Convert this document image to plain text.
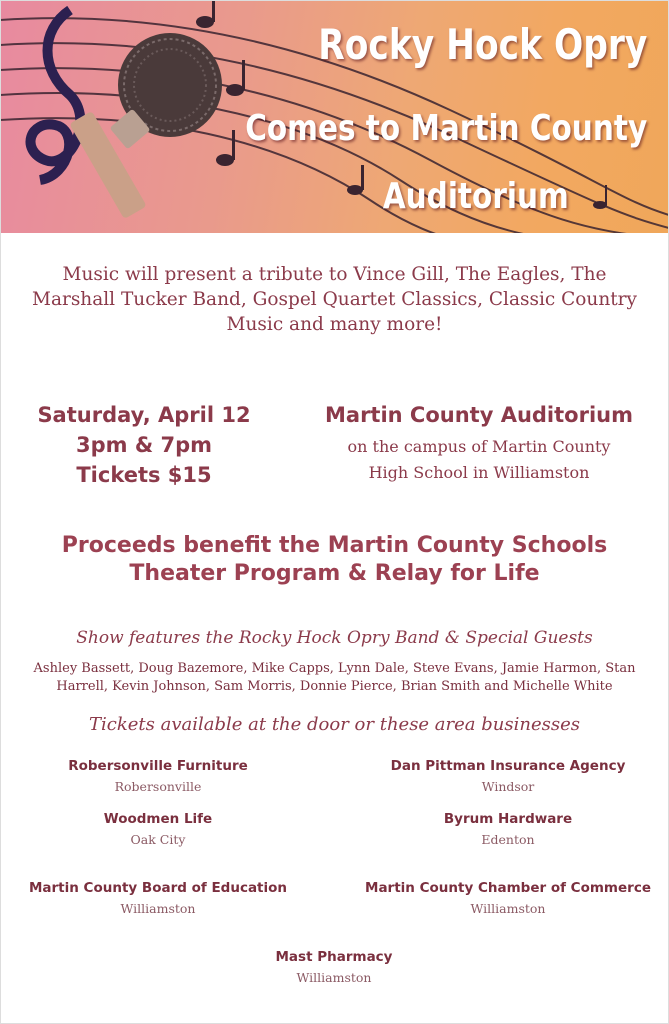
Rocky Hock Opry
Comes to Martin County
Auditorium
Music will present a tribute to Vince Gill, The Eagles, The Marshall Tucker Band, Gospel Quartet Classics, Classic Country Music and many more!
Saturday, April 12
3pm & 7pm
Tickets $15
Martin County Auditorium
on the campus of Martin County
High School in Williamston
Proceeds benefit the Martin County Schools
Theater Program & Relay for Life
Show features the Rocky Hock Opry Band & Special Guests
Ashley Bassett, Doug Bazemore, Mike Capps, Lynn Dale, Steve Evans, Jamie Harmon, Stan Harrell, Kevin Johnson, Sam Morris, Donnie Pierce, Brian Smith and Michelle White
Tickets available at the door or these area businesses
Robersonville Furniture
Robersonville
Dan Pittman Insurance Agency
Windsor
Woodmen Life
Oak City
Byrum Hardware
Edenton
Martin County Board of Education
Williamston
Martin County Chamber of Commerce
Williamston
Mast Pharmacy
Williamston
